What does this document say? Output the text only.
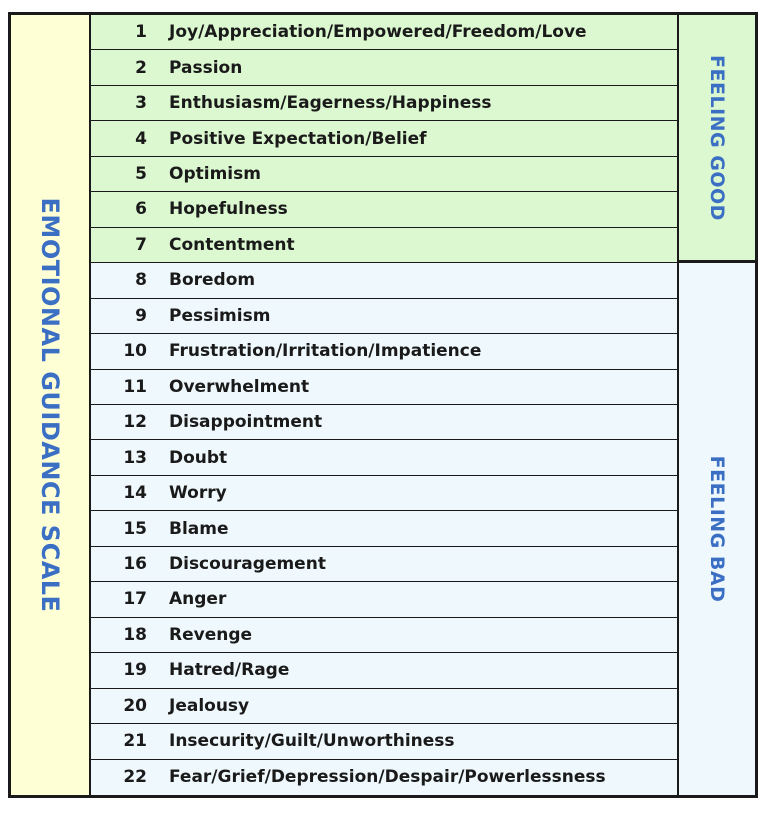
EMOTIONAL GUIDANCE SCALE
1	Joy/Appreciation/Empowered/Freedom/Love
2	Passion
3	Enthusiasm/Eagerness/Happiness
4	Positive Expectation/Belief
5	Optimism
6	Hopefulness
7	Contentment
8	Boredom
9	Pessimism
10	Frustration/Irritation/Impatience
11	Overwhelment
12	Disappointment
13	Doubt
14	Worry
15	Blame
16	Discouragement
17	Anger
18	Revenge
19	Hatred/Rage
20	Jealousy
21	Insecurity/Guilt/Unworthiness
22	Fear/Grief/Depression/Despair/Powerlessness
FEELING GOOD
FEELING BAD
